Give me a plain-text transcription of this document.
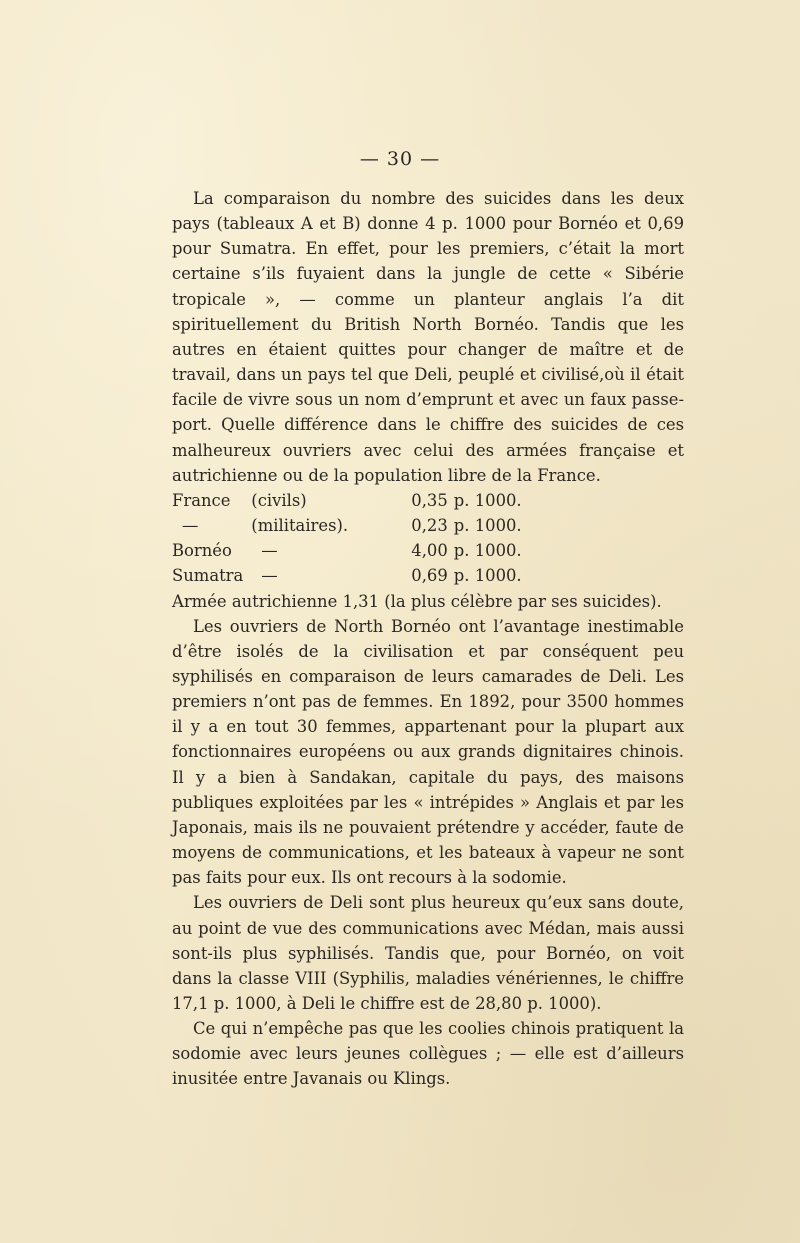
— 30 —

La comparaison du nombre des suicides dans les deux pays (tableaux A et B) donne 4 p. 1000 pour Bornéo et 0,69 pour Sumatra. En effet, pour les premiers, c’était la mort certaine s’ils fuyaient dans la jungle de cette « Sibérie tropicale », — comme un planteur anglais l’a dit spirituellement du British North Bornéo. Tandis que les autres en étaient quittes pour changer de maître et de travail, dans un pays tel que Deli, peuplé et civilisé,où il était facile de vivre sous un nom d’emprunt et avec un faux passe-port. Quelle différence dans le chiffre des suicides de ces malheureux ouvriers avec celui des armées française et autrichienne ou de la population libre de la France.

France	(civils)	0,35	p. 1000.
—	(militaires).	0,23	p. 1000.
Bornéo	—	4,00	p. 1000.
Sumatra	—	0,69	p. 1000.

Armée autrichienne 1,31 (la plus célèbre par ses suicides).

Les ouvriers de North Bornéo ont l’avantage inestimable d’être isolés de la civilisation et par conséquent peu syphilisés en comparaison de leurs camarades de Deli. Les premiers n’ont pas de femmes. En 1892, pour 3500 hommes il y a en tout 30 femmes, appartenant pour la plupart aux fonctionnaires européens ou aux grands dignitaires chinois. Il y a bien à Sandakan, capitale du pays, des maisons publiques exploitées par les « intrépides » Anglais et par les Japonais, mais ils ne pouvaient prétendre y accéder, faute de moyens de communications, et les bateaux à vapeur ne sont pas faits pour eux. Ils ont recours à la sodomie.

Les ouvriers de Deli sont plus heureux qu’eux sans doute, au point de vue des communications avec Médan, mais aussi sont-ils plus syphilisés. Tandis que, pour Bornéo, on voit dans la classe VIII (Syphilis, maladies vénériennes, le chiffre 17,1 p. 1000, à Deli le chiffre est de 28,80 p. 1000).

Ce qui n’empêche pas que les coolies chinois pratiquent la sodomie avec leurs jeunes collègues ; — elle est d’ailleurs inusitée entre Javanais ou Klings.
